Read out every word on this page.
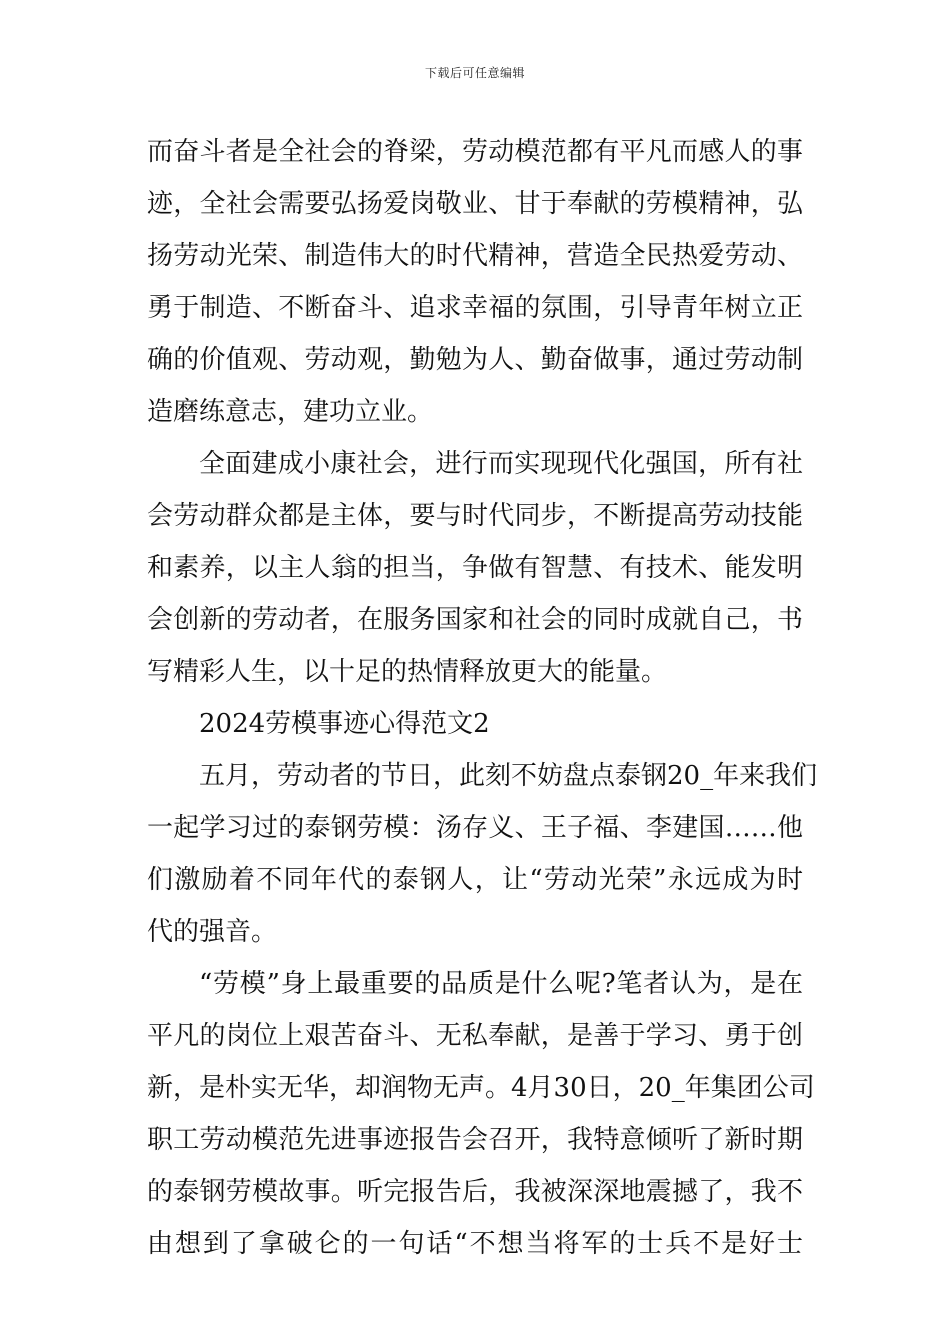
下载后可任意编辑
而奋斗者是全社会的脊梁，劳动模范都有平凡而感人的事
迹，全社会需要弘扬爱岗敬业、甘于奉献的劳模精神，弘
扬劳动光荣、制造伟大的时代精神，营造全民热爱劳动、
勇于制造、不断奋斗、追求幸福的氛围，引导青年树立正
确的价值观、劳动观，勤勉为人、勤奋做事，通过劳动制
造磨练意志，建功立业。
全面建成小康社会，进行而实现现代化强国，所有社
会劳动群众都是主体，要与时代同步，不断提高劳动技能
和素养，以主人翁的担当，争做有智慧、有技术、能发明
会创新的劳动者，在服务国家和社会的同时成就自己，书
写精彩人生，以十足的热情释放更大的能量。
2024劳模事迹心得范文2
五月，劳动者的节日，此刻不妨盘点泰钢20_年来我们
一起学习过的泰钢劳模：汤存义、王子福、李建国……他
们激励着不同年代的泰钢人，让“劳动光荣”永远成为时
代的强音。
“劳模”身上最重要的品质是什么呢?笔者认为，是在
平凡的岗位上艰苦奋斗、无私奉献，是善于学习、勇于创
新，是朴实无华，却润物无声。4月30日，20_年集团公司
职工劳动模范先进事迹报告会召开，我特意倾听了新时期
的泰钢劳模故事。听完报告后，我被深深地震撼了，我不
由想到了拿破仑的一句话“不想当将军的士兵不是好士
